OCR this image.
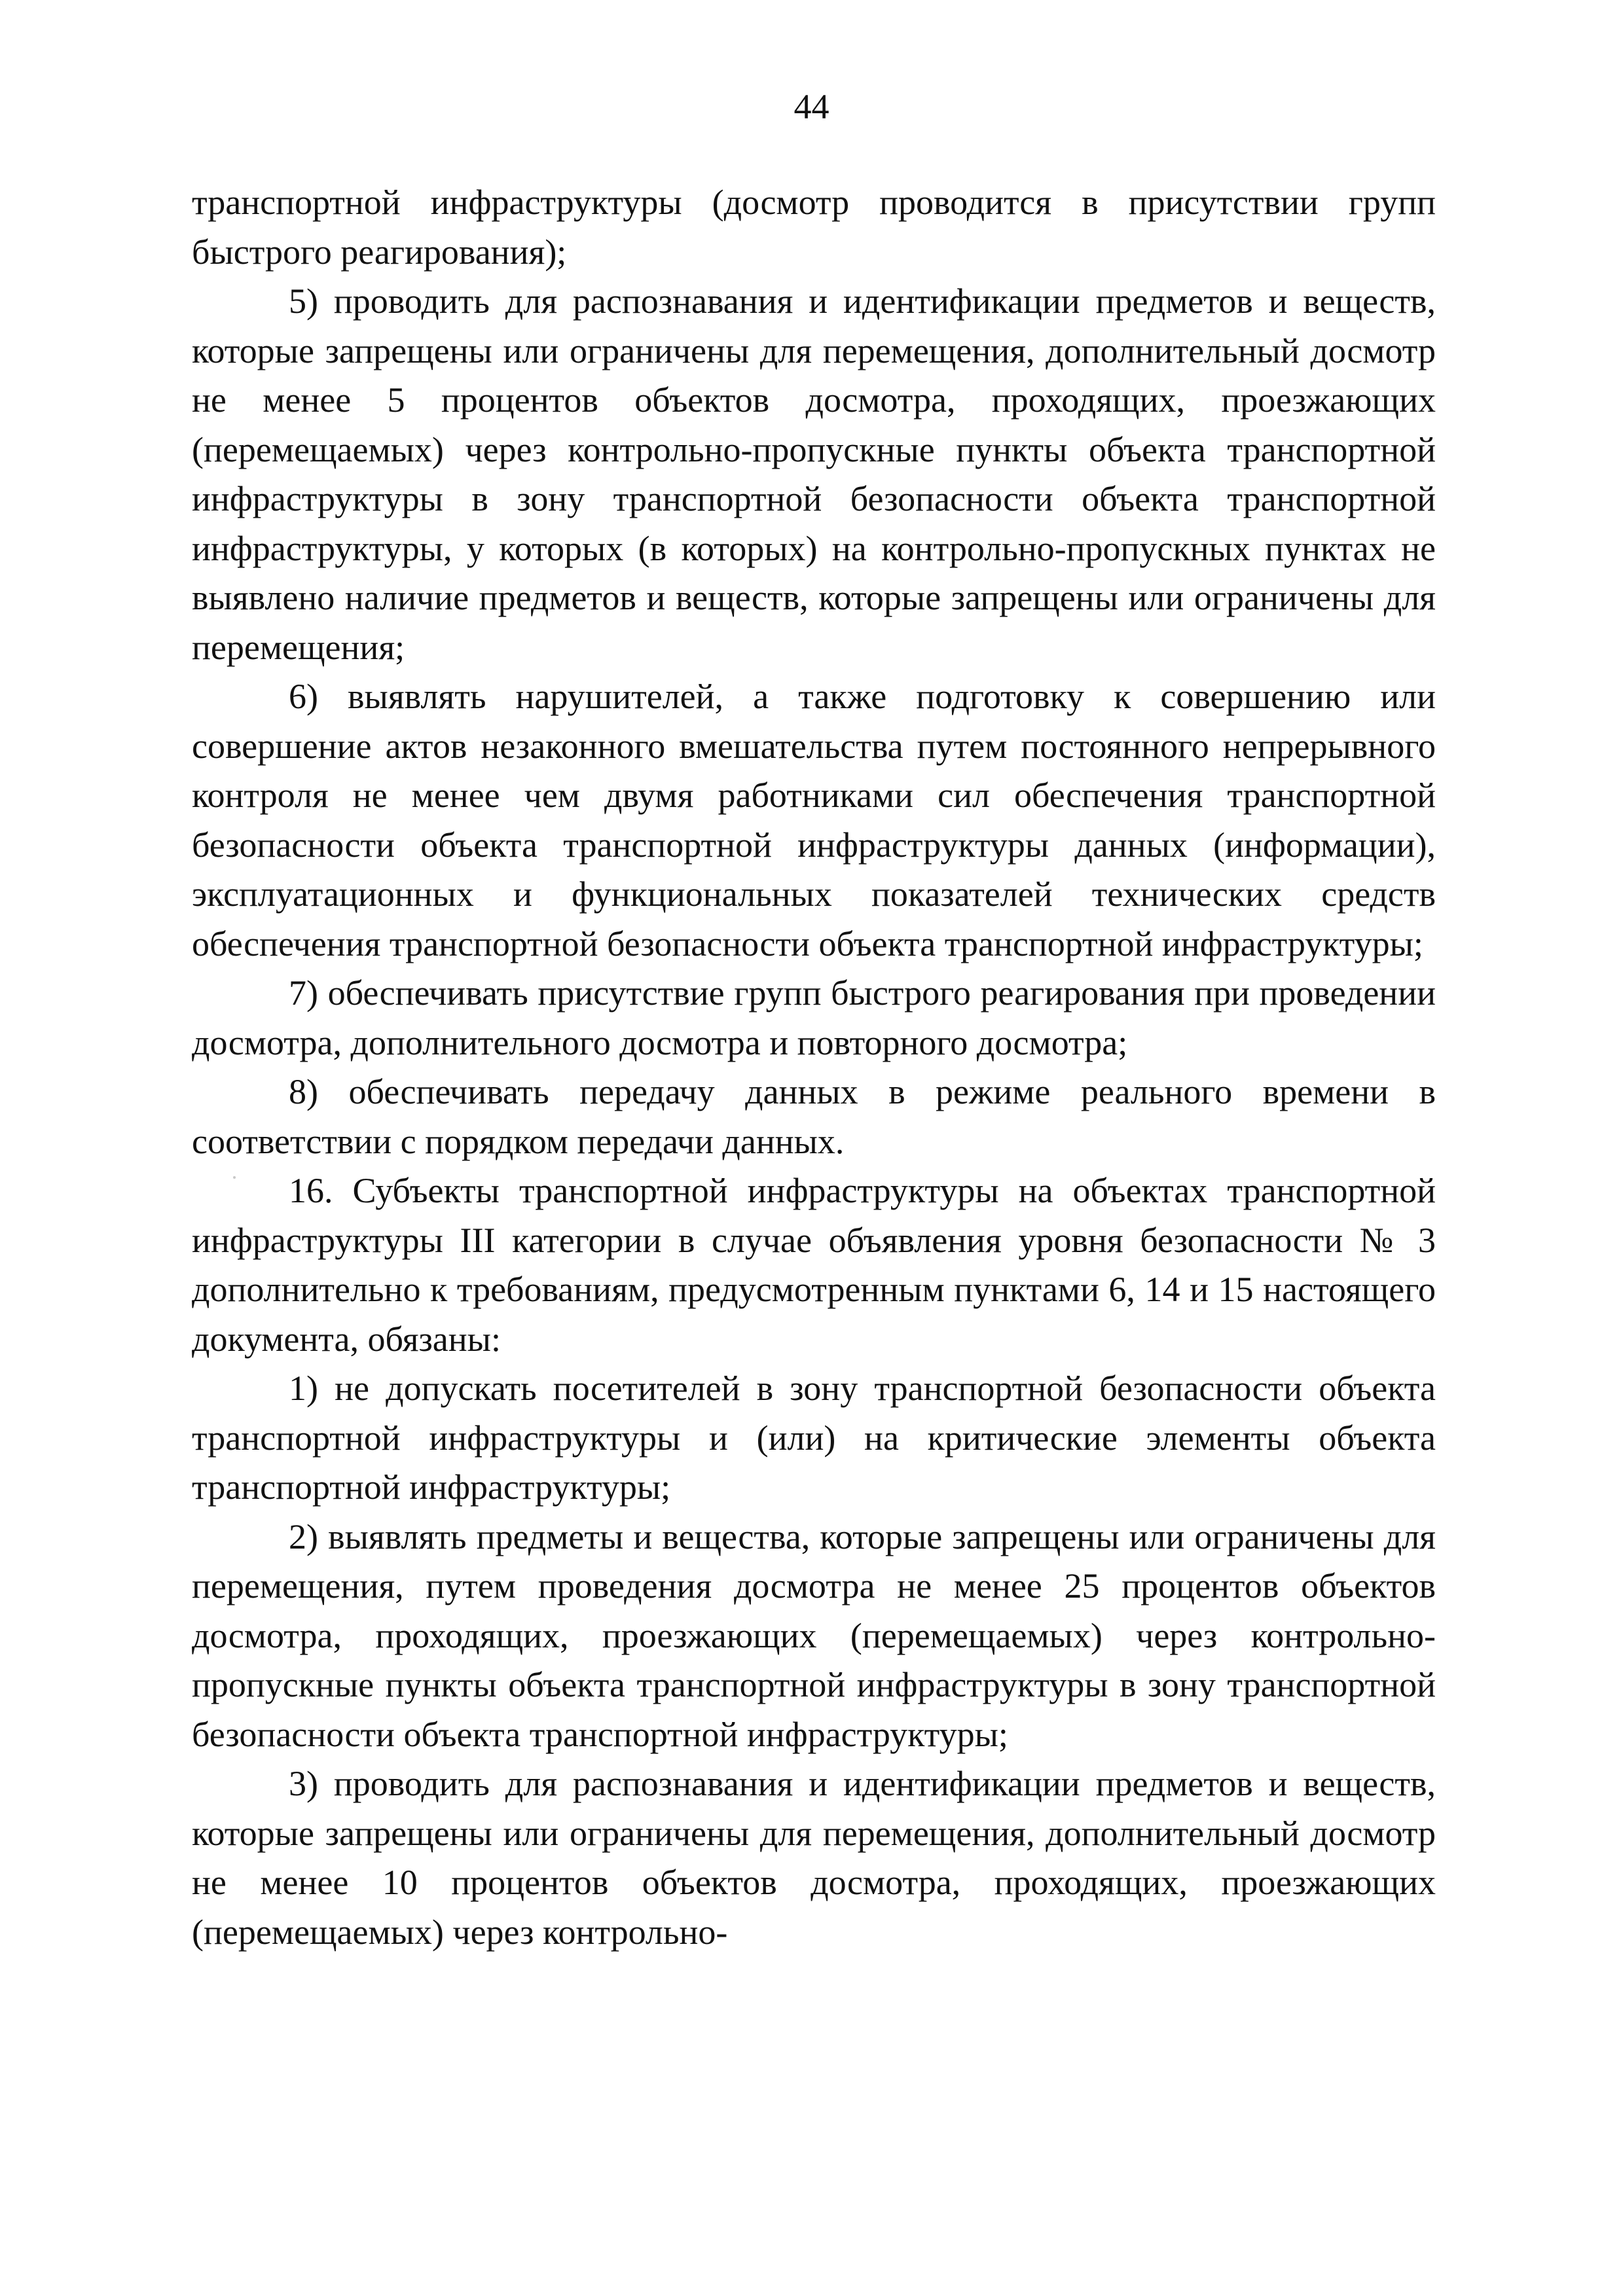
44

транспортной инфраструктуры (досмотр проводится в присутствии групп быстрого реагирования);

5) проводить для распознавания и идентификации предметов и веществ, которые запрещены или ограничены для перемещения, дополнительный досмотр не менее 5 процентов объектов досмотра, проходящих, проезжающих (перемещаемых) через контрольно-пропускные пункты объекта транспортной инфраструктуры в зону транспортной безопасности объекта транспортной инфраструктуры, у которых (в которых) на контрольно-пропускных пунктах не выявлено наличие предметов и веществ, которые запрещены или ограничены для перемещения;

6) выявлять нарушителей, а также подготовку к совершению или совершение актов незаконного вмешательства путем постоянного непрерывного контроля не менее чем двумя работниками сил обеспечения транспортной безопасности объекта транспортной инфраструктуры данных (информации), эксплуатационных и функциональных показателей технических средств обеспечения транспортной безопасности объекта транспортной инфраструктуры;

7) обеспечивать присутствие групп быстрого реагирования при проведении досмотра, дополнительного досмотра и повторного досмотра;

8) обеспечивать передачу данных в режиме реального времени в соответствии с порядком передачи данных.

16. Субъекты транспортной инфраструктуры на объектах транспортной инфраструктуры III категории в случае объявления уровня безопасности № 3 дополнительно к требованиям, предусмотренным пунктами 6, 14 и 15 настоящего документа, обязаны:

1) не допускать посетителей в зону транспортной безопасности объекта транспортной инфраструктуры и (или) на критические элементы объекта транспортной инфраструктуры;

2) выявлять предметы и вещества, которые запрещены или ограничены для перемещения, путем проведения досмотра не менее 25 процентов объектов досмотра, проходящих, проезжающих (перемещаемых) через контрольно-пропускные пункты объекта транспортной инфраструктуры в зону транспортной безопасности объекта транспортной инфраструктуры;

3) проводить для распознавания и идентификации предметов и веществ, которые запрещены или ограничены для перемещения, дополнительный досмотр не менее 10 процентов объектов досмотра, проходящих, проезжающих (перемещаемых) через контрольно-
